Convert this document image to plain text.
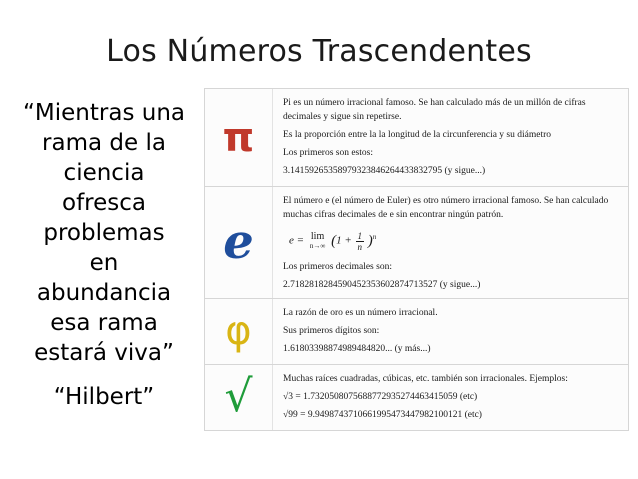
Los Números Trascendentes
“Mientras una
rama de la
ciencia
ofresca
problemas
en
abundancia
esa rama
estará viva”
“Hilbert”
π

Pi es un número irracional famoso. Se han calculado más de un millón de cifras decimales y sigue sin repetirse.

Es la proporción entre la la longitud de la circunferencia y su diámetro

Los primeros son estos:

3.14159265358979323846264433832795 (y sigue...)

e

El número e (el número de Euler) es otro número irracional famoso. Se han calculado muchas cifras decimales de e sin encontrar ningún patrón.

e = lim
n→∞ $(1 + \frac{1}{n} )^n$

Los primeros decimales son:

2.7182818284590452353602874713527 (y sigue...)

φ	La razón de oro es un número irracional.

Sus primeros dígitos son:

1.61803398874989484820... (y más...)

√	Muchas raíces cuadradas, cúbicas, etc. también son irracionales. Ejemplos:

√3 = 1.7320508075688772935274463415059 (etc)

√99 = 9.9498743710661995473447982100121 (etc)
